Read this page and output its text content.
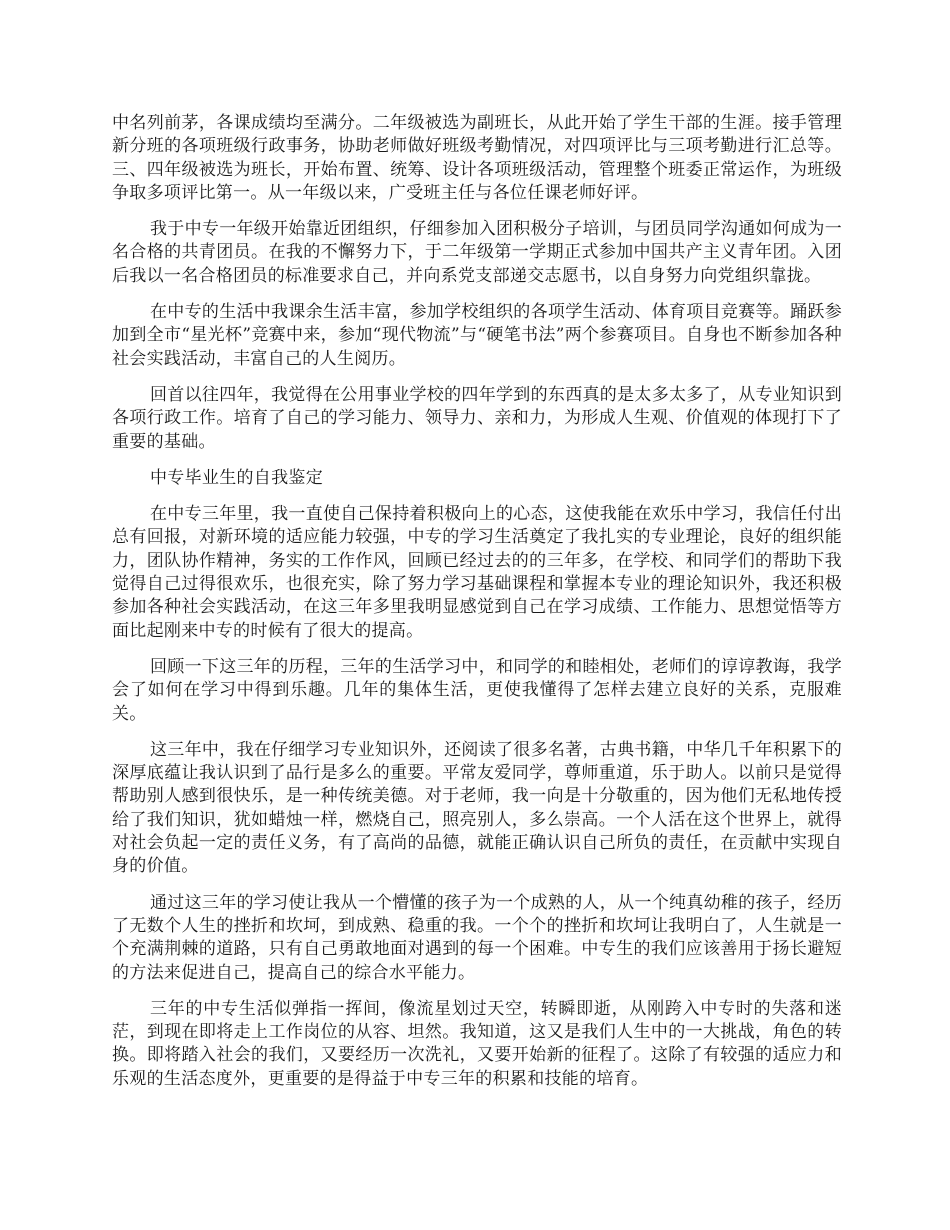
中名列前茅，各课成绩均至满分。二年级被选为副班长，从此开始了学生干部的生涯。接手管理新分班的各项班级行政事务，协助老师做好班级考勤情况，对四项评比与三项考勤进行汇总等。三、四年级被选为班长，开始布置、统筹、设计各项班级活动，管理整个班委正常运作，为班级争取多项评比第一。从一年级以来，广受班主任与各位任课老师好评。

我于中专一年级开始靠近团组织，仔细参加入团积极分子培训，与团员同学沟通如何成为一名合格的共青团员。在我的不懈努力下，于二年级第一学期正式参加中国共产主义青年团。入团后我以一名合格团员的标准要求自己，并向系党支部递交志愿书，以自身努力向党组织靠拢。

在中专的生活中我课余生活丰富，参加学校组织的各项学生活动、体育项目竞赛等。踊跃参加到全市“星光杯”竞赛中来，参加“现代物流”与“硬笔书法”两个参赛项目。自身也不断参加各种社会实践活动，丰富自己的人生阅历。

回首以往四年，我觉得在公用事业学校的四年学到的东西真的是太多太多了，从专业知识到各项行政工作。培育了自己的学习能力、领导力、亲和力，为形成人生观、价值观的体现打下了重要的基础。

中专毕业生的自我鉴定

在中专三年里，我一直使自己保持着积极向上的心态，这使我能在欢乐中学习，我信任付出总有回报，对新环境的适应能力较强，中专的学习生活奠定了我扎实的专业理论，良好的组织能力，团队协作精神，务实的工作作风，回顾已经过去的的三年多，在学校、和同学们的帮助下我觉得自己过得很欢乐，也很充实，除了努力学习基础课程和掌握本专业的理论知识外，我还积极参加各种社会实践活动，在这三年多里我明显感觉到自己在学习成绩、工作能力、思想觉悟等方面比起刚来中专的时候有了很大的提高。

回顾一下这三年的历程，三年的生活学习中，和同学的和睦相处，老师们的谆谆教诲，我学会了如何在学习中得到乐趣。几年的集体生活，更使我懂得了怎样去建立良好的关系，克服难关。

这三年中，我在仔细学习专业知识外，还阅读了很多名著，古典书籍，中华几千年积累下的深厚底蕴让我认识到了品行是多么的重要。平常友爱同学，尊师重道，乐于助人。以前只是觉得帮助别人感到很快乐，是一种传统美德。对于老师，我一向是十分敬重的，因为他们无私地传授给了我们知识，犹如蜡烛一样，燃烧自己，照亮别人，多么崇高。一个人活在这个世界上，就得对社会负起一定的责任义务，有了高尚的品德，就能正确认识自己所负的责任，在贡献中实现自身的价值。

通过这三年的学习使让我从一个懵懂的孩子为一个成熟的人，从一个纯真幼稚的孩子，经历了无数个人生的挫折和坎坷，到成熟、稳重的我。一个个的挫折和坎坷让我明白了，人生就是一个充满荆棘的道路，只有自己勇敢地面对遇到的每一个困难。中专生的我们应该善用于扬长避短的方法来促进自己，提高自己的综合水平能力。

三年的中专生活似弹指一挥间，像流星划过天空，转瞬即逝，从刚跨入中专时的失落和迷茫，到现在即将走上工作岗位的从容、坦然。我知道，这又是我们人生中的一大挑战，角色的转换。即将踏入社会的我们，又要经历一次洗礼，又要开始新的征程了。这除了有较强的适应力和乐观的生活态度外，更重要的是得益于中专三年的积累和技能的培育。
